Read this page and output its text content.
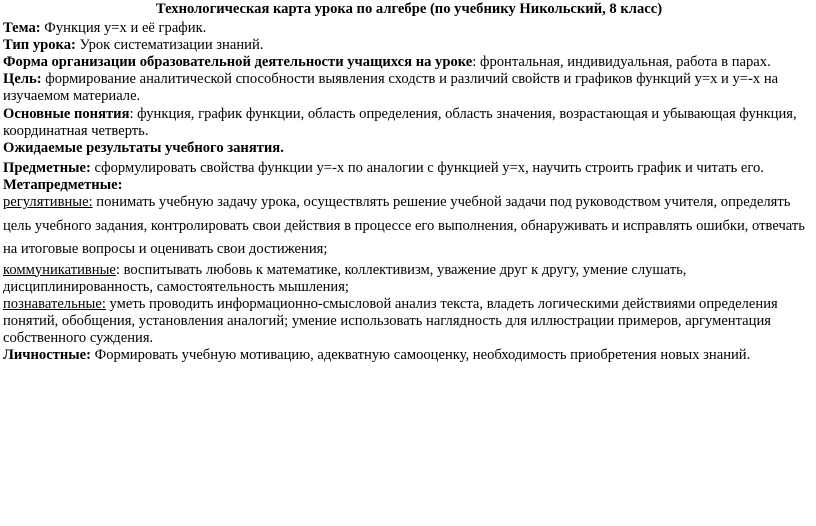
Технологическая карта урока по алгебре (по учебнику Никольский, 8 класс)

Тема: Функция у=х и её график.

Тип урока: Урок систематизации знаний.

Форма организации образовательной деятельности учащихся на уроке: фронтальная, индивидуальная, работа в парах.

Цель: формирование аналитической способности выявления сходств и различий свойств и графиков функций у=х и у=-х на изучаемом материале.

Основные понятия: функция, график функции, область определения, область значения, возрастающая и убывающая функция, координатная четверть.

Ожидаемые результаты учебного занятия.

Предметные: сформулировать свойства функции у=-х по аналогии с функцией у=х, научить строить график и читать его.

Метапредметные:

регулятивные: понимать учебную задачу урока, осуществлять решение учебной задачи под руководством учителя, определять цель учебного задания, контролировать свои действия в процессе его выполнения, обнаруживать и исправлять ошибки, отвечать на итоговые вопросы и оценивать свои достижения;

коммуникативные: воспитывать любовь к математике, коллективизм, уважение друг к другу, умение слушать, дисциплинированность, самостоятельность мышления;

познавательные: уметь проводить информационно-смысловой анализ текста, владеть логическими действиями определения понятий, обобщения, установления аналогий; умение использовать наглядность для иллюстрации примеров, аргументация собственного суждения.

Личностные: Формировать учебную мотивацию, адекватную самооценку, необходимость приобретения новых знаний.
